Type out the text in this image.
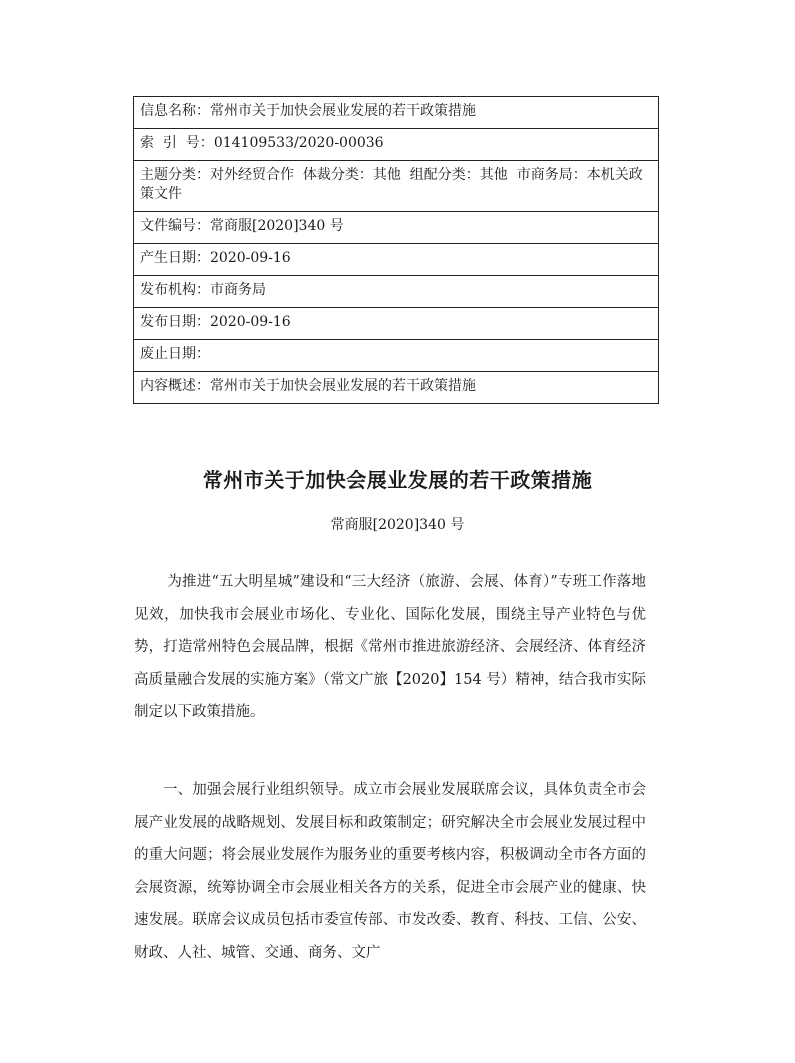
信息名称：常州市关于加快会展业发展的若干政策措施
索  引  号：014109533/2020-00036
主题分类：对外经贸合作  体裁分类：其他  组配分类：其他  市商务局：本机关政策文件
文件编号：常商服[2020]340 号
产生日期：2020-09-16
发布机构：市商务局
发布日期：2020-09-16
废止日期：
内容概述：常州市关于加快会展业发展的若干政策措施
常州市关于加快会展业发展的若干政策措施

常商服[2020]340 号

为推进“五大明星城”建设和“三大经济（旅游、会展、体育）”专班工作落地见效，加快我市会展业市场化、专业化、国际化发展，围绕主导产业特色与优势，打造常州特色会展品牌，根据《常州市推进旅游经济、会展经济、体育经济高质量融合发展的实施方案》（常文广旅【2020】154 号）精神，结合我市实际制定以下政策措施。

一、加强会展行业组织领导。成立市会展业发展联席会议，具体负责全市会展产业发展的战略规划、发展目标和政策制定；研究解决全市会展业发展过程中的重大问题；将会展业发展作为服务业的重要考核内容，积极调动全市各方面的会展资源，统筹协调全市会展业相关各方的关系，促进全市会展产业的健康、快速发展。联席会议成员包括市委宣传部、市发改委、教育、科技、工信、公安、财政、人社、城管、交通、商务、文广
